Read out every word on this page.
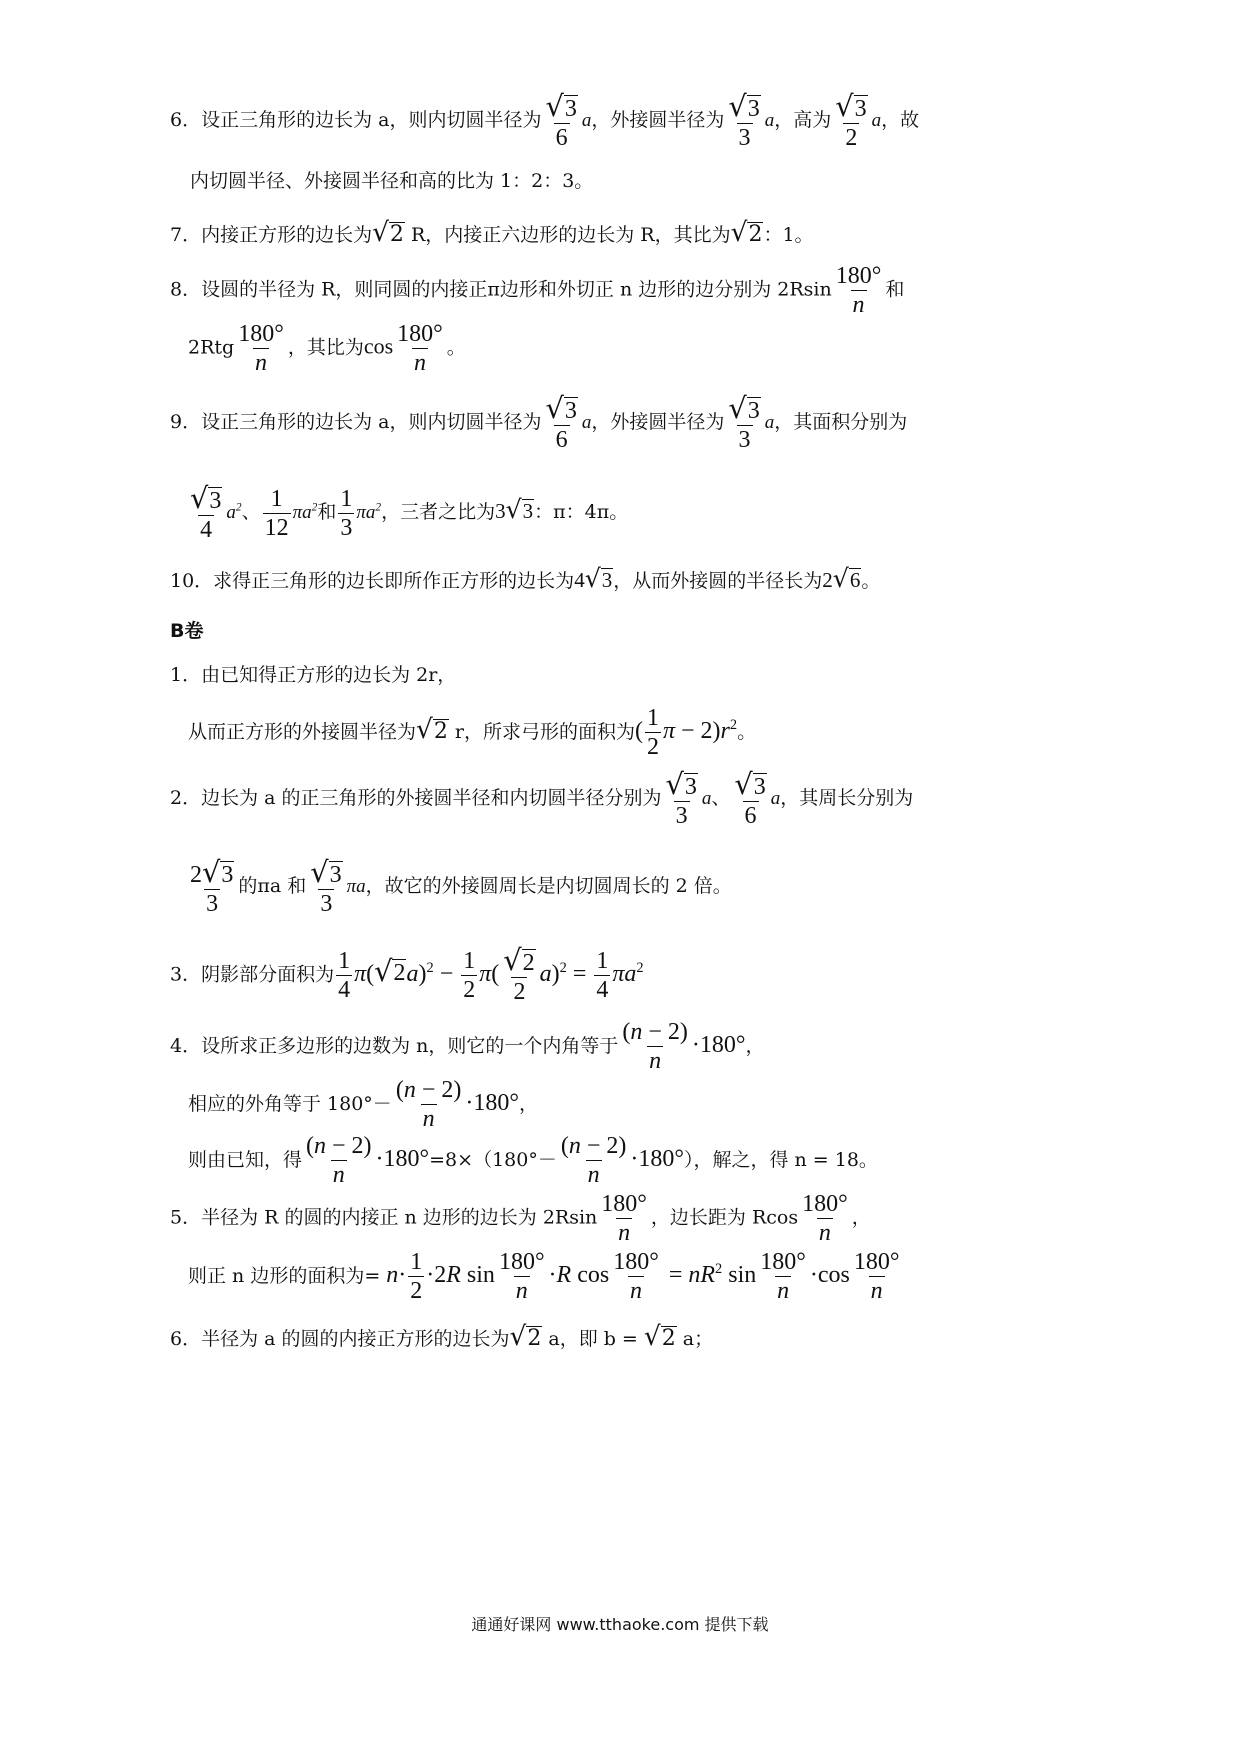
6．设正三角形的边长为 a，则内切圆半径为 $\frac{√ 3}{6}$ a，外接圆半径为 $\frac{√ 3}{3}$ a，高为 $\frac{√ 3}{2}$ a，故
内切圆半径、外接圆半径和高的比为 1：2：3。
7．内接正方形的边长为 √ 2 R，内接正六边形的边长为 R，其比为 √ 2 ：1。
8．设圆的半径为 R，则同圆的内接正π边形和外切正 n 边形的边分别为 $2Rsin \frac{180^\circ}{n}$ 和
$2Rtg \frac{180^\circ}{n}$ ，其比为$\cos \frac{180^\circ}{n}$ 。
9．设正三角形的边长为 a，则内切圆半径为 $\frac{√ 3}{6}$ a，外接圆半径为 $\frac{√ 3}{3}$ a，其面积分别为
$\frac{√ 3}{4} a^2$、 $\frac{1}{12} \pi a^2$和 $\frac{1}{3} \pi a^2$，三者之比为3 √ 3 ：π：4π。
10．求得正三角形的边长即所作正方形的边长为4 √ 3 ，从而外接圆的半径长为2 √ 6 。
B卷
1．由已知得正方形的边长为 2r，
从而正方形的外接圆半径为 √ 2 r，所求弓形的面积为( $\frac{1}{2}$ $\pi - 2)r^2$。
2．边长为 a 的正三角形的外接圆半径和内切圆半径分别为 $\frac{√ 3}{3}$ a、 $\frac{√ 3}{6}$ a，其周长分别为
$\frac{2 √ 3}{3}$ 的πa 和 $\frac{√ 3}{3}$ πa，故它的外接圆周长是内切圆周长的 2 倍。
3．阴影部分面积为 $\frac{1}{4} \pi$( √ 2 $a)^2 - \frac{1}{2} \pi( \frac{√ 2}{2} a)^2 = \frac{1}{4} \pi a^2$
4．设所求正多边形的边数为 n，则它的一个内角等于 $\frac{(n - 2)}{n} \cdot 180^\circ$，
相应的外角等于 $180^\circ- \frac{(n - 2)}{n} \cdot 180^\circ$，
则由已知，得 $\frac{(n - 2)}{n} \cdot 180^\circ=8\times(180^\circ- \frac{(n - 2)}{n} \cdot 180^\circ)$，解之，得 n = 18。
5．半径为 R 的圆的内接正 n 边形的边长为 $2Rsin \frac{180^\circ}{n}$ ，边长距为 Rcos $\frac{180^\circ}{n}$ ，
则正 n 边形的面积为= $n\cdot \frac{1}{2} \cdot 2R$ $\sin \frac{180^\circ}{n} \cdot R$ $\cos \frac{180^\circ}{n} = nR^2$ $\sin \frac{180^\circ}{n} \cdot\cos \frac{180^\circ}{n}$
6．半径为 a 的圆的内接正方形的边长为 √ 2 a，即 b = √ 2 a；
通通好课网 www.tthaoke.com 提供下载
